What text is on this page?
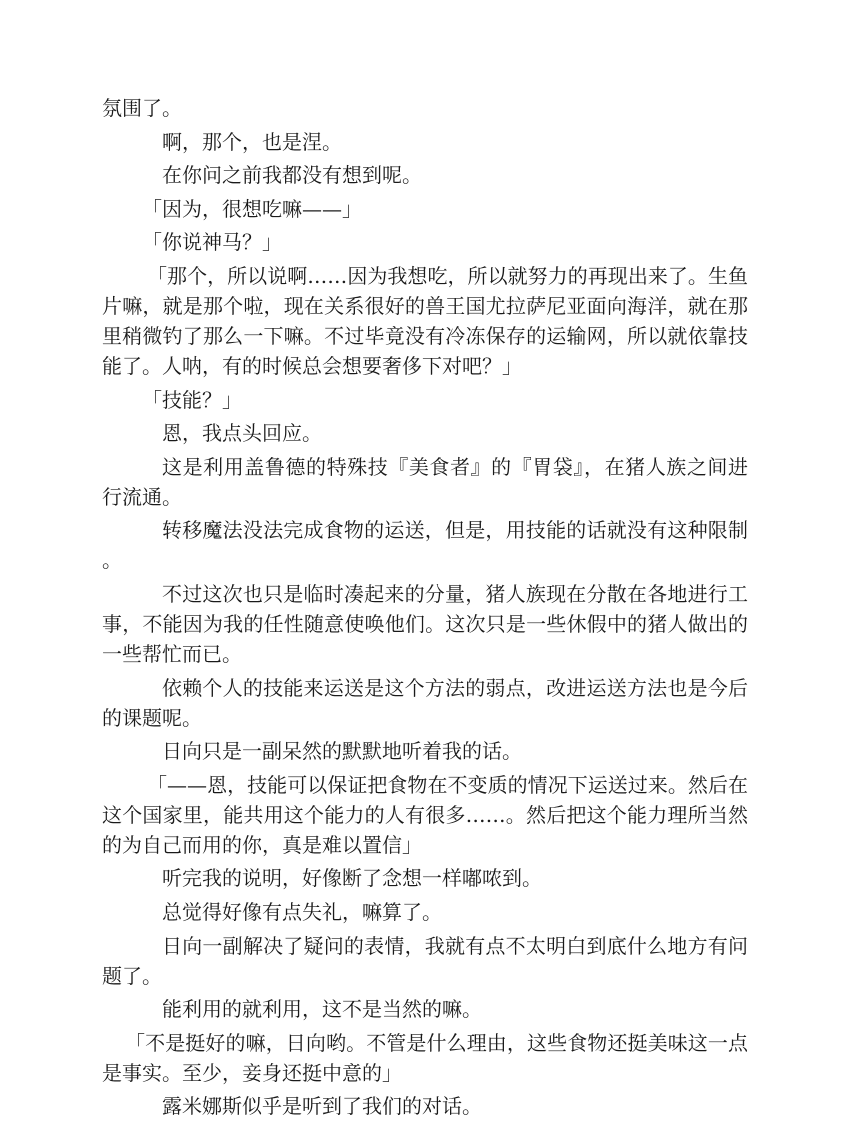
氛围了。

啊，那个，也是涅。

在你问之前我都没有想到呢。

「因为，很想吃嘛——」

「你说神马？」

「那个，所以说啊……因为我想吃，所以就努力的再现出来了。生鱼片嘛，就是那个啦，现在关系很好的兽王国尤拉萨尼亚面向海洋，就在那里稍微钓了那么一下嘛。不过毕竟没有冷冻保存的运输网，所以就依靠技能了。人呐，有的时候总会想要奢侈下对吧？」

「技能？」

恩，我点头回应。

这是利用盖鲁德的特殊技『美食者』的『胃袋』，在猪人族之间进行流通。

转移魔法没法完成食物的运送，但是，用技能的话就没有这种限制。

不过这次也只是临时凑起来的分量，猪人族现在分散在各地进行工事，不能因为我的任性随意使唤他们。这次只是一些休假中的猪人做出的一些帮忙而已。

依赖个人的技能来运送是这个方法的弱点，改进运送方法也是今后的课题呢。

日向只是一副呆然的默默地听着我的话。

「——恩，技能可以保证把食物在不变质的情况下运送过来。然后在这个国家里，能共用这个能力的人有很多……。然后把这个能力理所当然的为自己而用的你，真是难以置信」

听完我的说明，好像断了念想一样嘟哝到。

总觉得好像有点失礼，嘛算了。

日向一副解决了疑问的表情，我就有点不太明白到底什么地方有问题了。

能利用的就利用，这不是当然的嘛。

「不是挺好的嘛，日向哟。不管是什么理由，这些食物还挺美味这一点是事实。至少，妾身还挺中意的」

露米娜斯似乎是听到了我们的对话。
